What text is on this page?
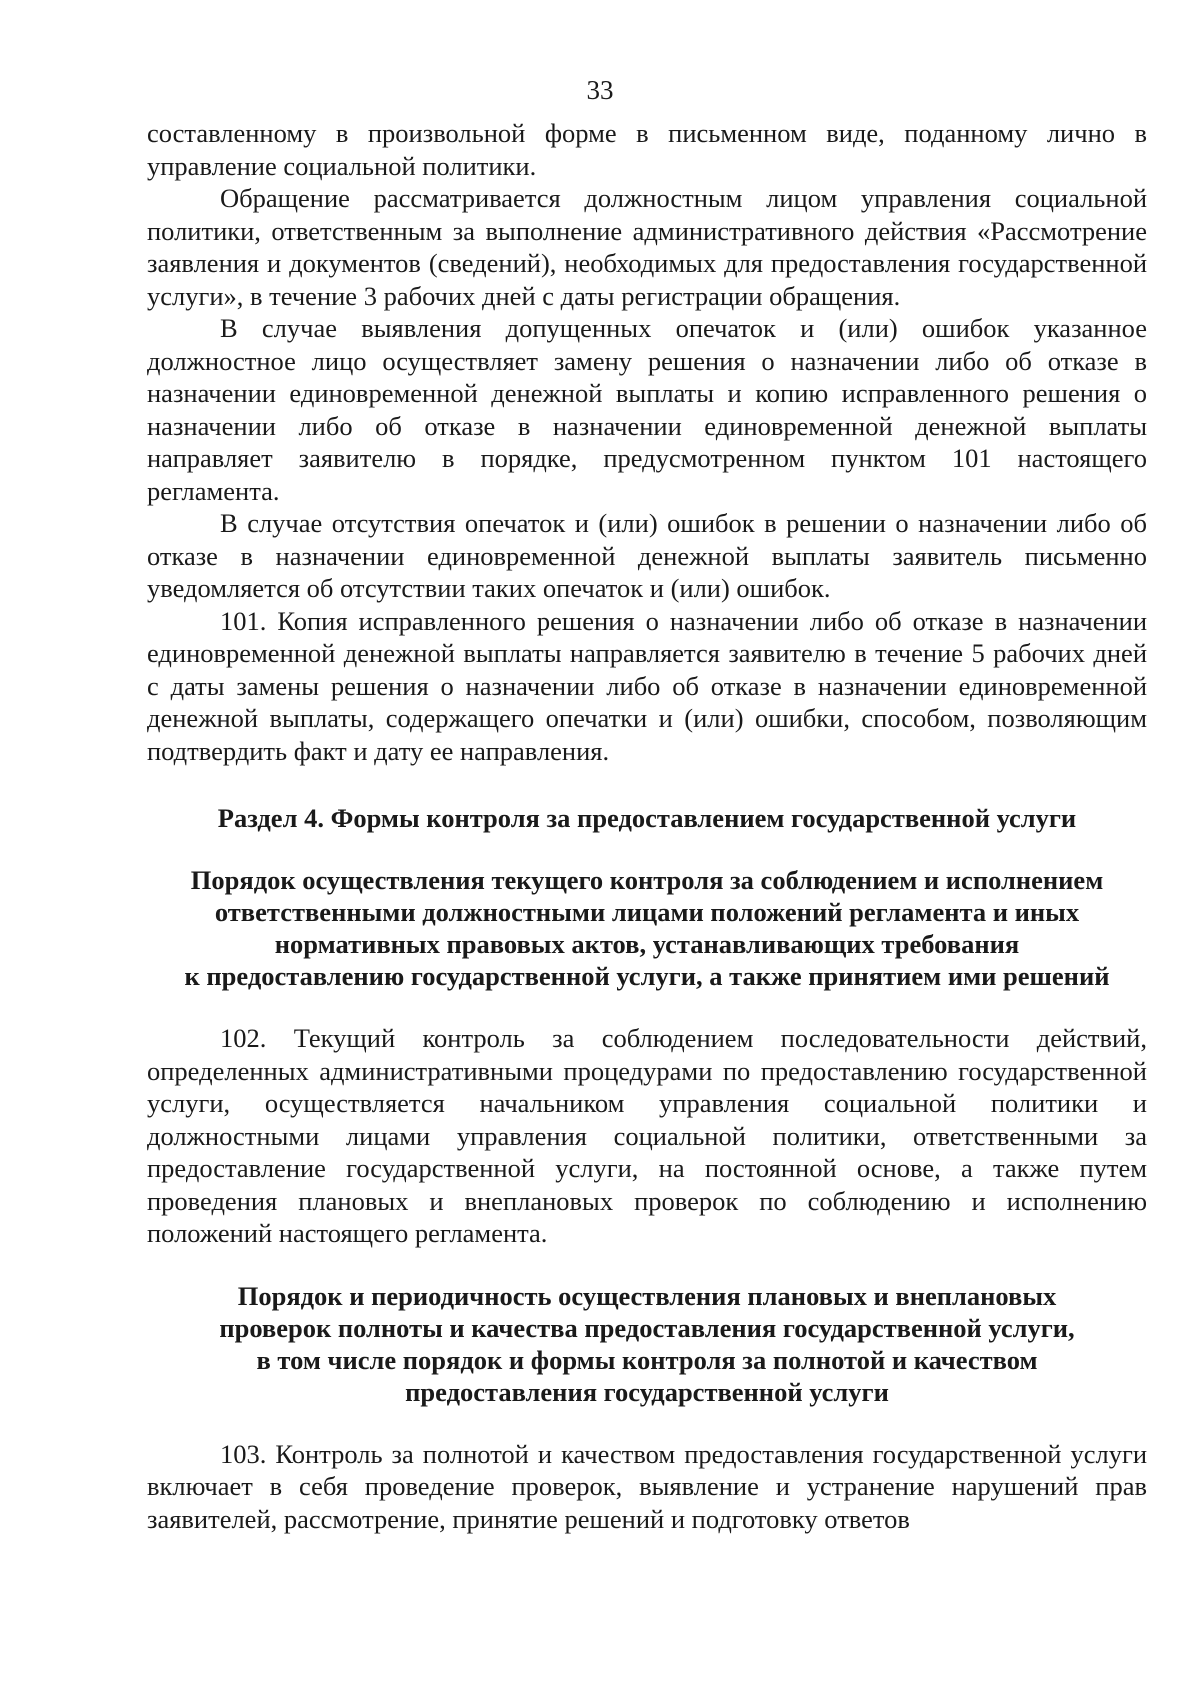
33

составленному в произвольной форме в письменном виде, поданному лично в управление социальной политики.

Обращение рассматривается должностным лицом управления социальной политики, ответственным за выполнение административного действия «Рассмотрение заявления и документов (сведений), необходимых для предоставления государственной услуги», в течение 3 рабочих дней с даты регистрации обращения.

В случае выявления допущенных опечаток и (или) ошибок указанное должностное лицо осуществляет замену решения о назначении либо об отказе в назначении единовременной денежной выплаты и копию исправленного решения о назначении либо об отказе в назначении единовременной денежной выплаты направляет заявителю в порядке, предусмотренном пунктом 101 настоящего регламента.

В случае отсутствия опечаток и (или) ошибок в решении о назначении либо об отказе в назначении единовременной денежной выплаты заявитель письменно уведомляется об отсутствии таких опечаток и (или) ошибок.

101. Копия исправленного решения о назначении либо об отказе в назначении единовременной денежной выплаты направляется заявителю в течение 5 рабочих дней с даты замены решения о назначении либо об отказе в назначении единовременной денежной выплаты, содержащего опечатки и (или) ошибки, способом, позволяющим подтвердить факт и дату ее направления.

Раздел 4. Формы контроля за предоставлением государственной услуги
Порядок осуществления текущего контроля за соблюдением и исполнением
ответственными должностными лицами положений регламента и иных
нормативных правовых актов, устанавливающих требования
к предоставлению государственной услуги, а также принятием ими решений

102. Текущий контроль за соблюдением последовательности действий, определенных административными процедурами по предоставлению государственной услуги, осуществляется начальником управления социальной политики и должностными лицами управления социальной политики, ответственными за предоставление государственной услуги, на постоянной основе, а также путем проведения плановых и внеплановых проверок по соблюдению и исполнению положений настоящего регламента.

Порядок и периодичность осуществления плановых и внеплановых
проверок полноты и качества предоставления государственной услуги,
в том числе порядок и формы контроля за полнотой и качеством
предоставления государственной услуги

103. Контроль за полнотой и качеством предоставления государственной услуги включает в себя проведение проверок, выявление и устранение нарушений прав заявителей, рассмотрение, принятие решений и подготовку ответов
